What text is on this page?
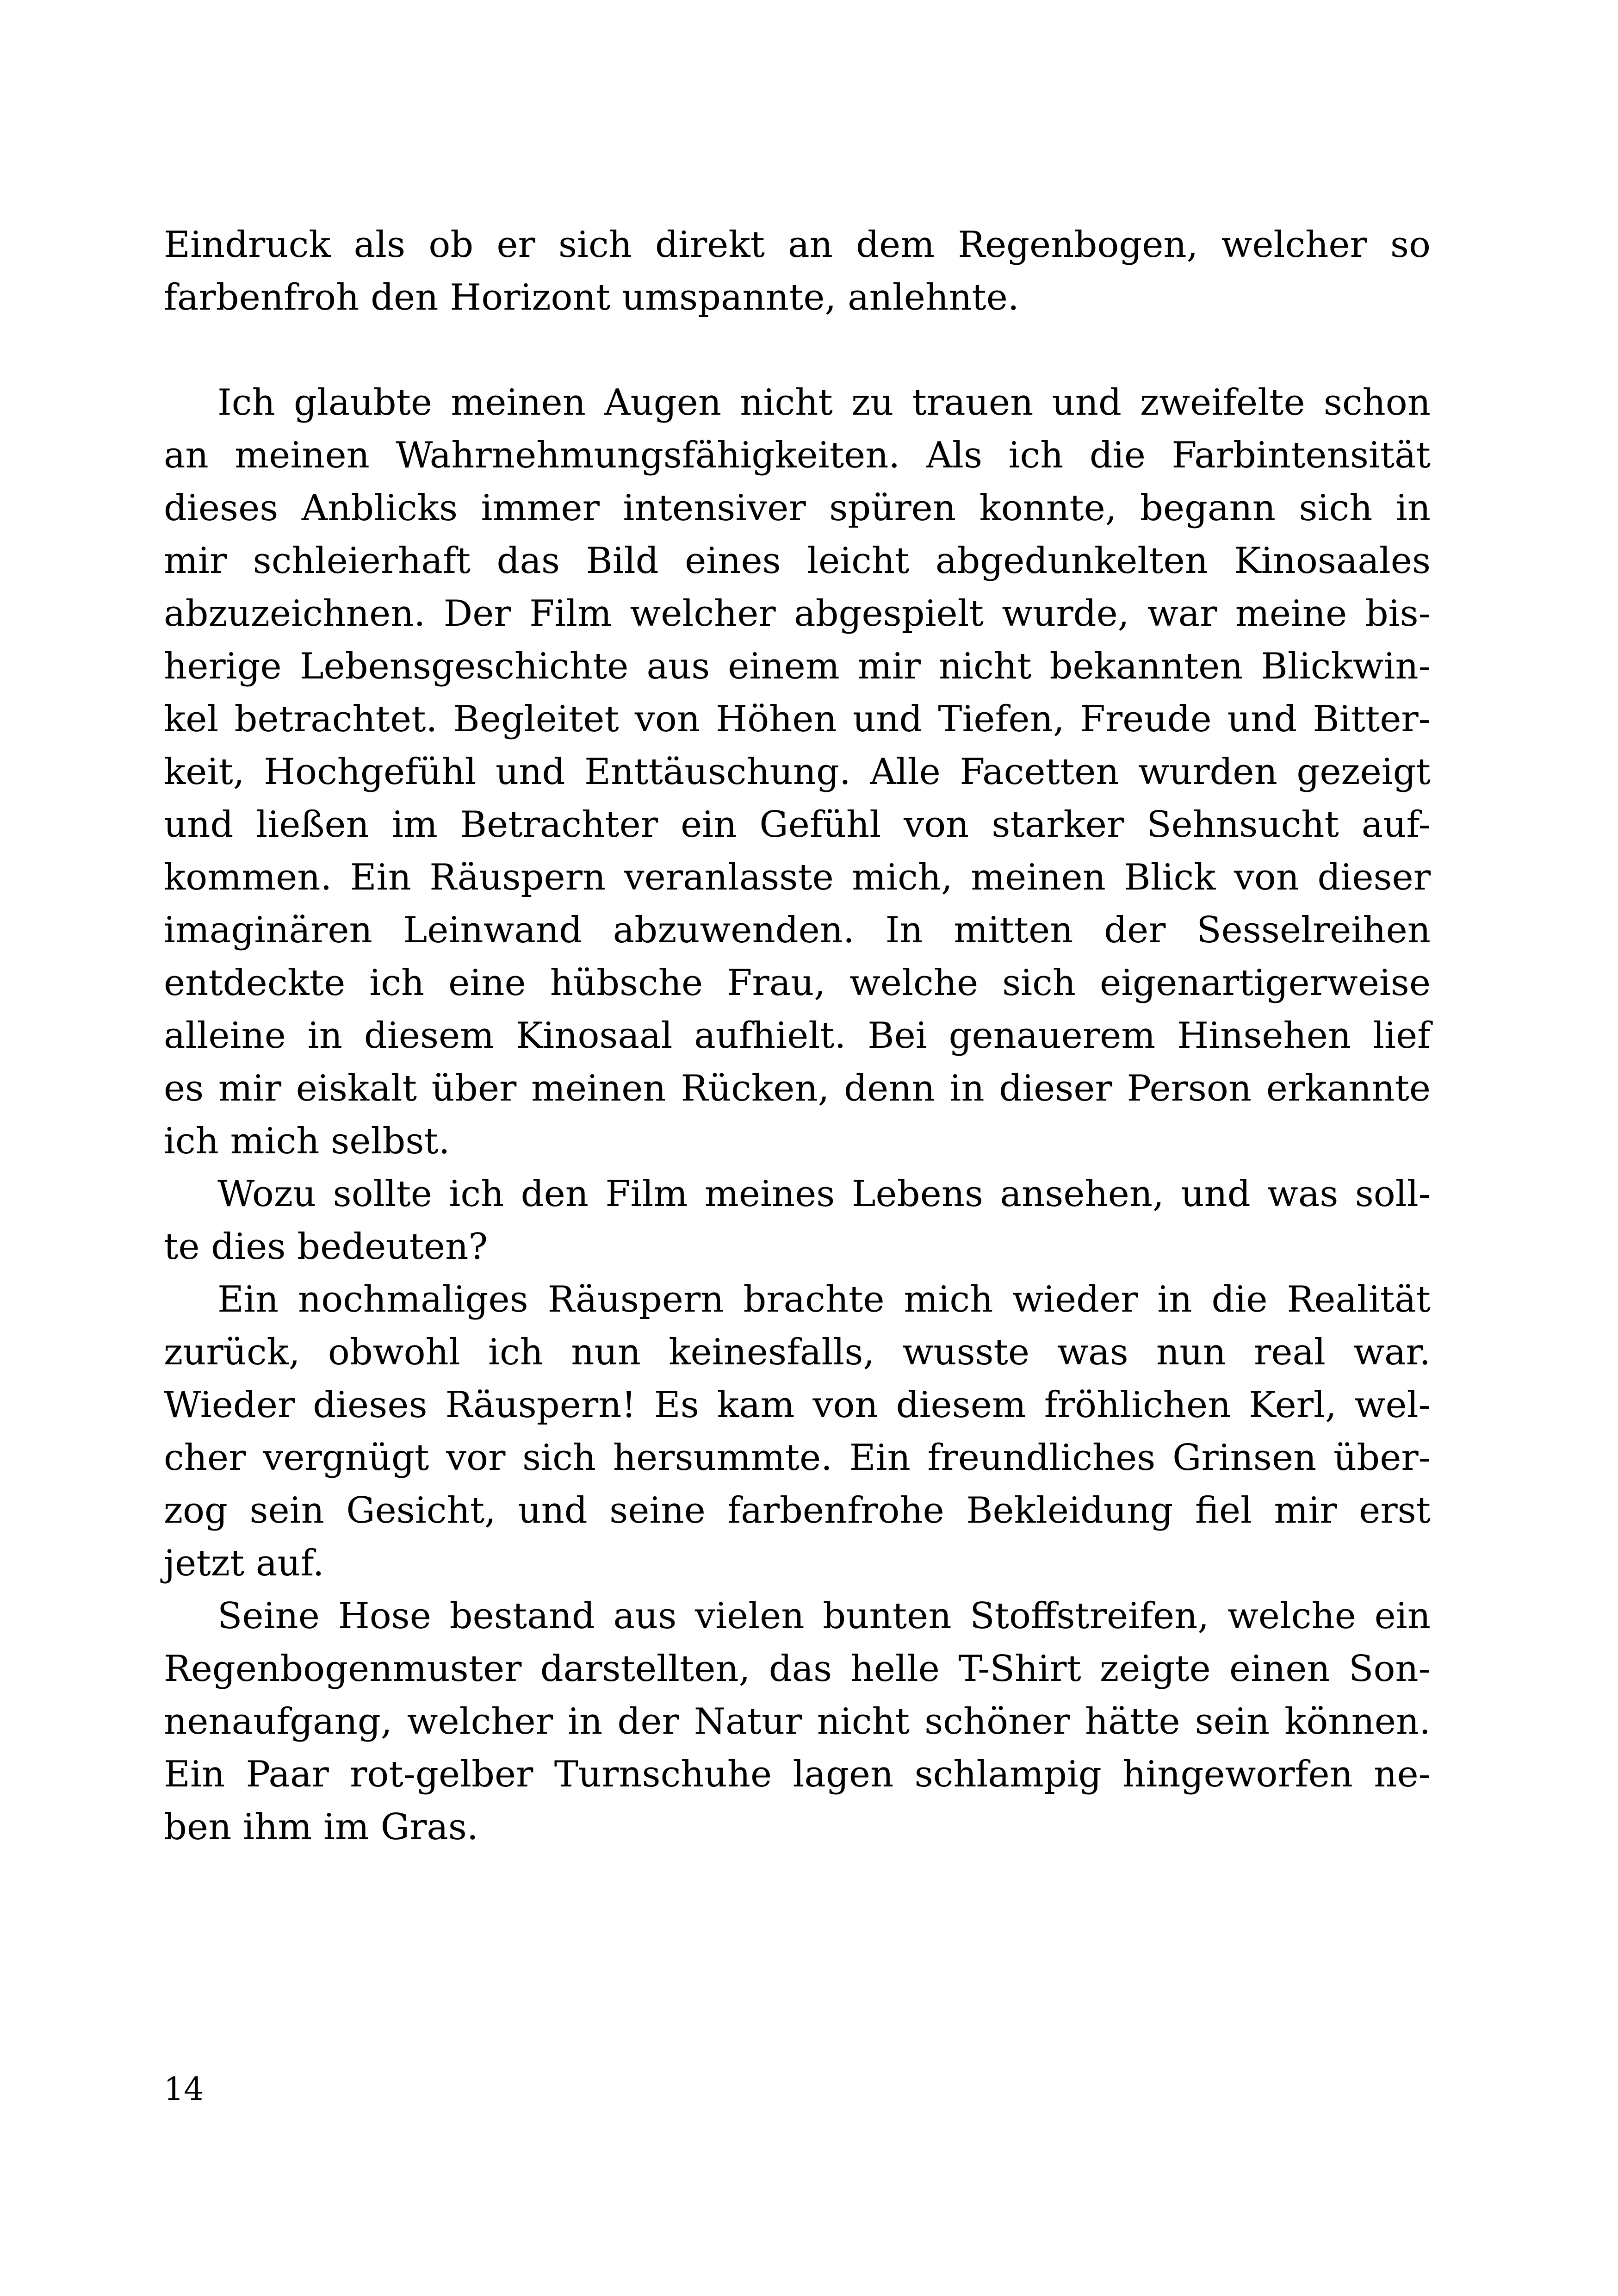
Eindruck als ob er sich direkt an dem Regenbogen, welcher so
farbenfroh den Horizont umspannte, anlehnte.
Ich glaubte meinen Augen nicht zu trauen und zweifelte schon
an meinen Wahrnehmungsfähigkeiten. Als ich die Farbintensität
dieses Anblicks immer intensiver spüren konnte, begann sich in
mir schleierhaft das Bild eines leicht abgedunkelten Kinosaales
abzuzeichnen. Der Film welcher abgespielt wurde, war meine bis-
herige Lebensgeschichte aus einem mir nicht bekannten Blickwin-
kel betrachtet. Begleitet von Höhen und Tiefen, Freude und Bitter-
keit, Hochgefühl und Enttäuschung. Alle Facetten wurden gezeigt
und ließen im Betrachter ein Gefühl von starker Sehnsucht auf-
kommen. Ein Räuspern veranlasste mich, meinen Blick von dieser
imaginären Leinwand abzuwenden. In mitten der Sesselreihen
entdeckte ich eine hübsche Frau, welche sich eigenartigerweise
alleine in diesem Kinosaal aufhielt. Bei genauerem Hinsehen lief
es mir eiskalt über meinen Rücken, denn in dieser Person erkannte
ich mich selbst.
Wozu sollte ich den Film meines Lebens ansehen, und was soll-
te dies bedeuten?
Ein nochmaliges Räuspern brachte mich wieder in die Realität
zurück, obwohl ich nun keinesfalls, wusste was nun real war.
Wieder dieses Räuspern! Es kam von diesem fröhlichen Kerl, wel-
cher vergnügt vor sich hersummte. Ein freundliches Grinsen über-
zog sein Gesicht, und seine farbenfrohe Bekleidung fiel mir erst
jetzt auf.
Seine Hose bestand aus vielen bunten Stoffstreifen, welche ein
Regenbogenmuster darstellten, das helle T-Shirt zeigte einen Son-
nenaufgang, welcher in der Natur nicht schöner hätte sein können.
Ein Paar rot-gelber Turnschuhe lagen schlampig hingeworfen ne-
ben ihm im Gras.
14
